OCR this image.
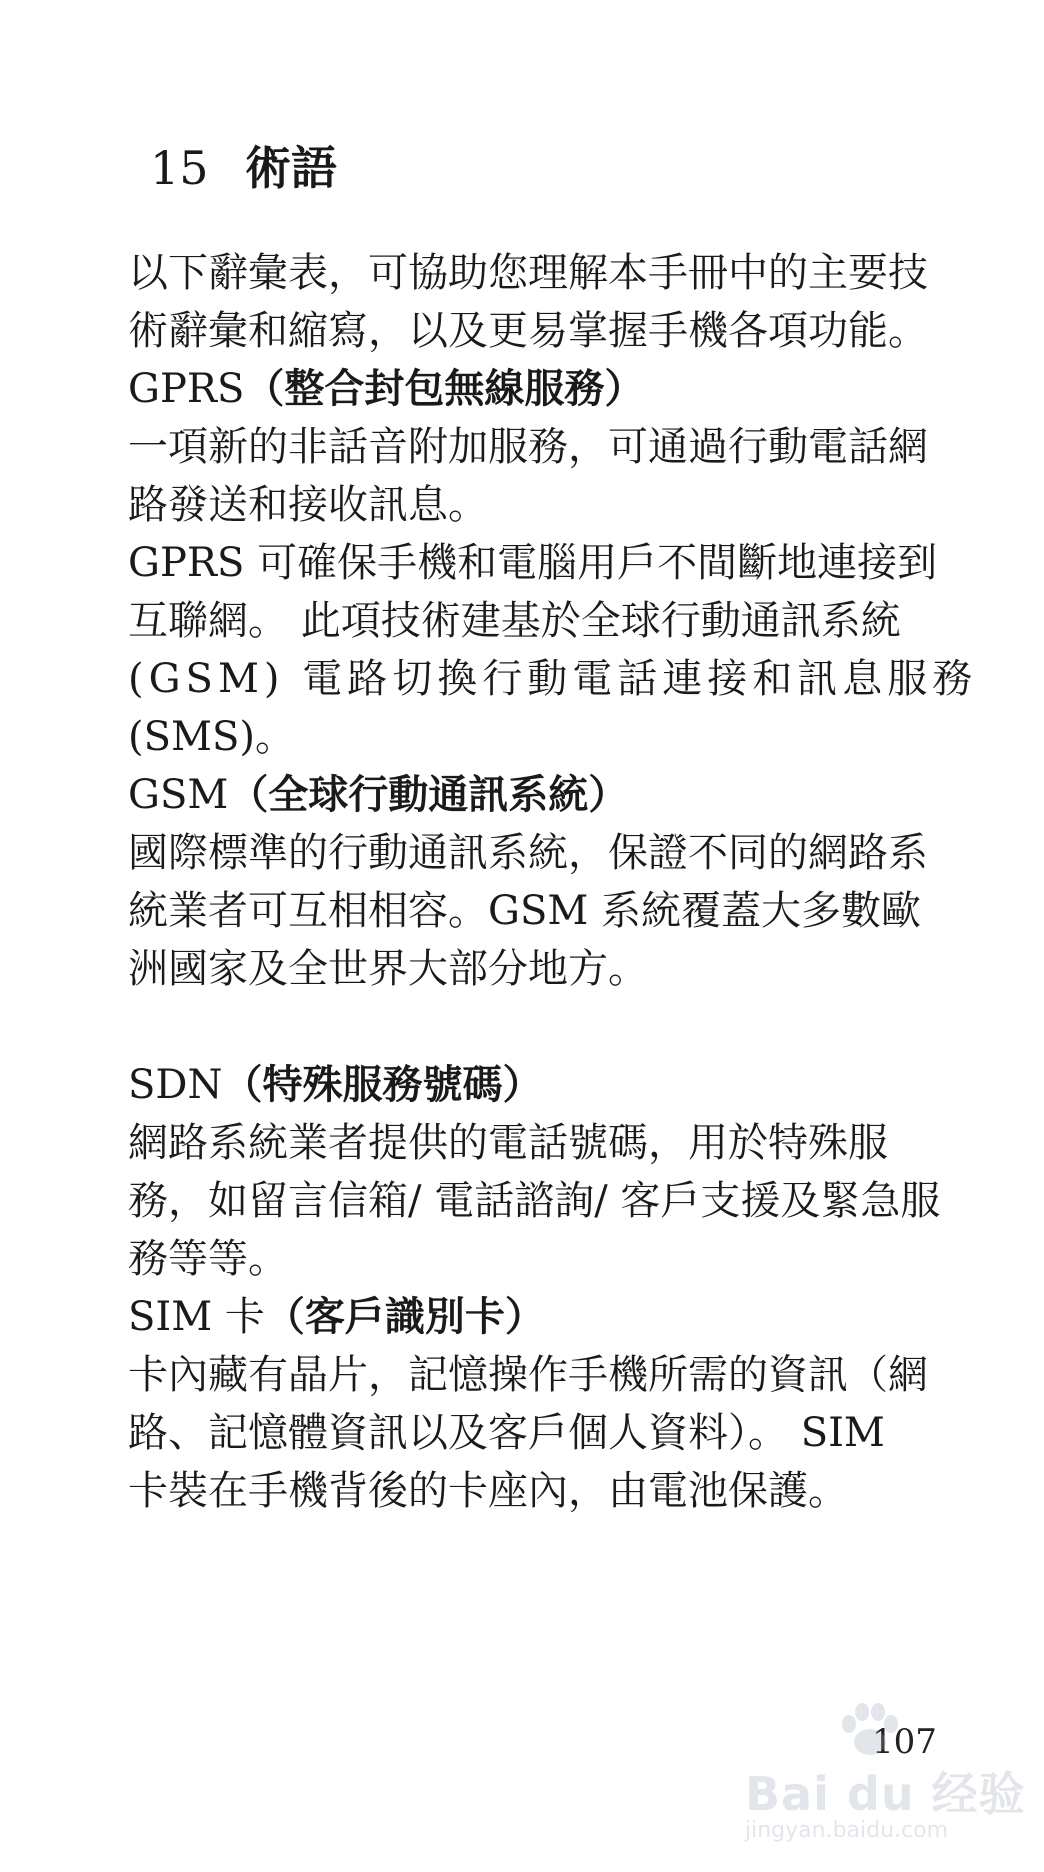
15 術語
以下辭彙表，可協助您理解本手冊中的主要技
術辭彙和縮寫，以及更易掌握手機各項功能。
GPRS（整合封包無線服務）
一項新的非話音附加服務，可通過行動電話網
路發送和接收訊息。
GPRS 可確保手機和電腦用戶不間斷地連接到
互聯網。 此項技術建基於全球行動通訊系統
(GSM) 電路切換行動電話連接和訊息服務
(SMS)。
GSM（全球行動通訊系統）
國際標準的行動通訊系統，保證不同的網路系
統業者可互相相容。GSM 系統覆蓋大多數歐
洲國家及全世界大部分地方。
SDN（特殊服務號碼）
網路系統業者提供的電話號碼，用於特殊服
務，如留言信箱/ 電話諮詢/ 客戶支援及緊急服
務等等。
SIM 卡（客戶識別卡）
卡內藏有晶片，記憶操作手機所需的資訊（網
路、記憶體資訊以及客戶個人資料）。 SIM
卡裝在手機背後的卡座內，由電池保護。
107
Bai du 经验
jingyan.baidu.com
